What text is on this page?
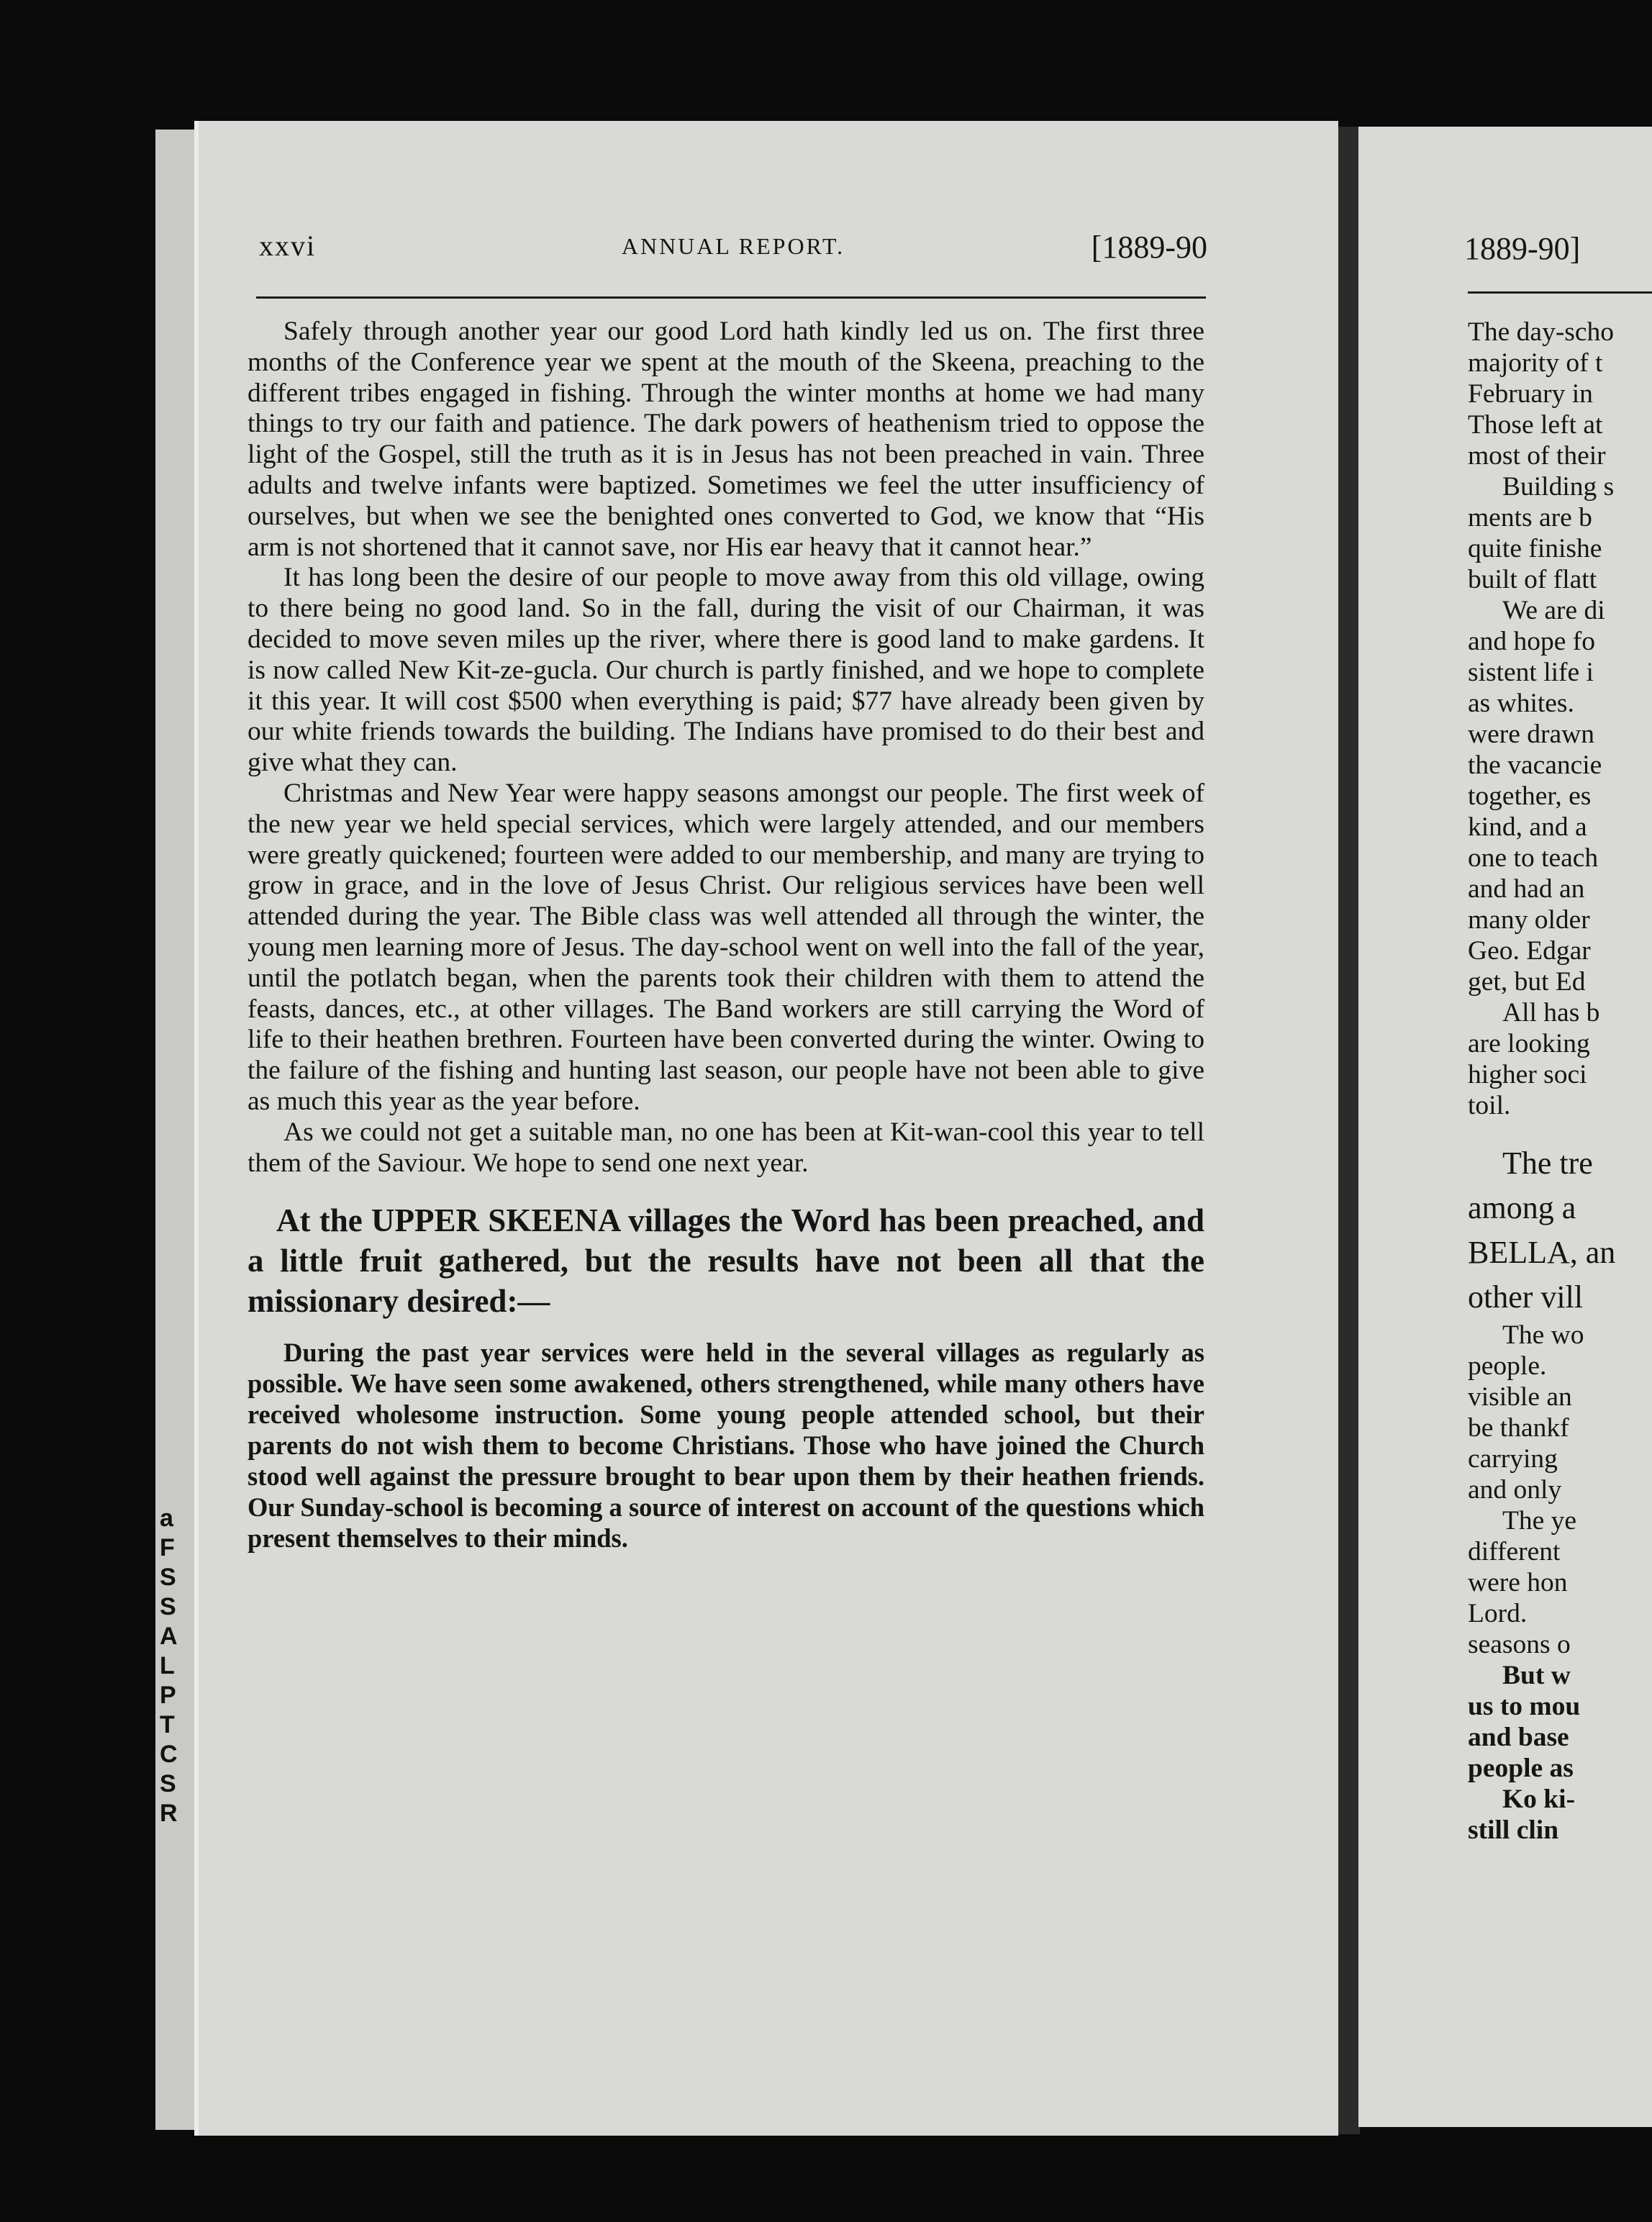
a
F
S
S
A
L
P
T
C
S
R
xxvi	ANNUAL REPORT.	[1889-90

Safely through another year our good Lord hath kindly led us on. The first three months of the Conference year we spent at the mouth of the Skeena, preaching to the different tribes engaged in fishing. Through the winter months at home we had many things to try our faith and patience. The dark powers of heathenism tried to oppose the light of the Gospel, still the truth as it is in Jesus has not been preached in vain. Three adults and twelve infants were baptized. Sometimes we feel the utter insufficiency of ourselves, but when we see the benighted ones converted to God, we know that “His arm is not shortened that it cannot save, nor His ear heavy that it cannot hear.”

It has long been the desire of our people to move away from this old village, owing to there being no good land. So in the fall, during the visit of our Chairman, it was decided to move seven miles up the river, where there is good land to make gardens. It is now called New Kit-ze-gucla. Our church is partly finished, and we hope to complete it this year. It will cost $500 when everything is paid; $77 have already been given by our white friends towards the building. The Indians have promised to do their best and give what they can.

Christmas and New Year were happy seasons amongst our people. The first week of the new year we held special services, which were largely attended, and our members were greatly quickened; fourteen were added to our membership, and many are trying to grow in grace, and in the love of Jesus Christ. Our religious services have been well attended during the year. The Bible class was well attended all through the winter, the young men learning more of Jesus. The day-school went on well into the fall of the year, until the potlatch began, when the parents took their children with them to attend the feasts, dances, etc., at other villages. The Band workers are still carrying the Word of life to their heathen brethren. Fourteen have been converted during the winter. Owing to the failure of the fishing and hunting last season, our people have not been able to give as much this year as the year before.

As we could not get a suitable man, no one has been at Kit-wan-cool this year to tell them of the Saviour. We hope to send one next year.

At the UPPER SKEENA villages the Word has been preached, and a little fruit gathered, but the results have not been all that the missionary desired:—

During the past year services were held in the several villages as regularly as possible. We have seen some awakened, others strengthened, while many others have received wholesome instruction. Some young people attended school, but their parents do not wish them to become Christians. Those who have joined the Church stood well against the pressure brought to bear upon them by their heathen friends. Our Sunday-school is becoming a source of interest on account of the questions which present themselves to their minds.

1889-90]
The day-scho
majority of t
February in
Those left at
most of their
Building s
ments are b
quite finishe
built of flatt
We are di
and hope fo
sistent life i
as whites.
were drawn
the vacancie
together, es
kind, and a
one to teach
and had an
many older
Geo. Edgar
get, but Ed
All has b
are looking
higher soci
toil.
The tre
among a
BELLA, an
other vill
The wo
people.
visible an
be thankf
carrying
and only
The ye
different
were hon
Lord.
seasons o
But w
us to mou
and base
people as
Ko ki-
still clin
